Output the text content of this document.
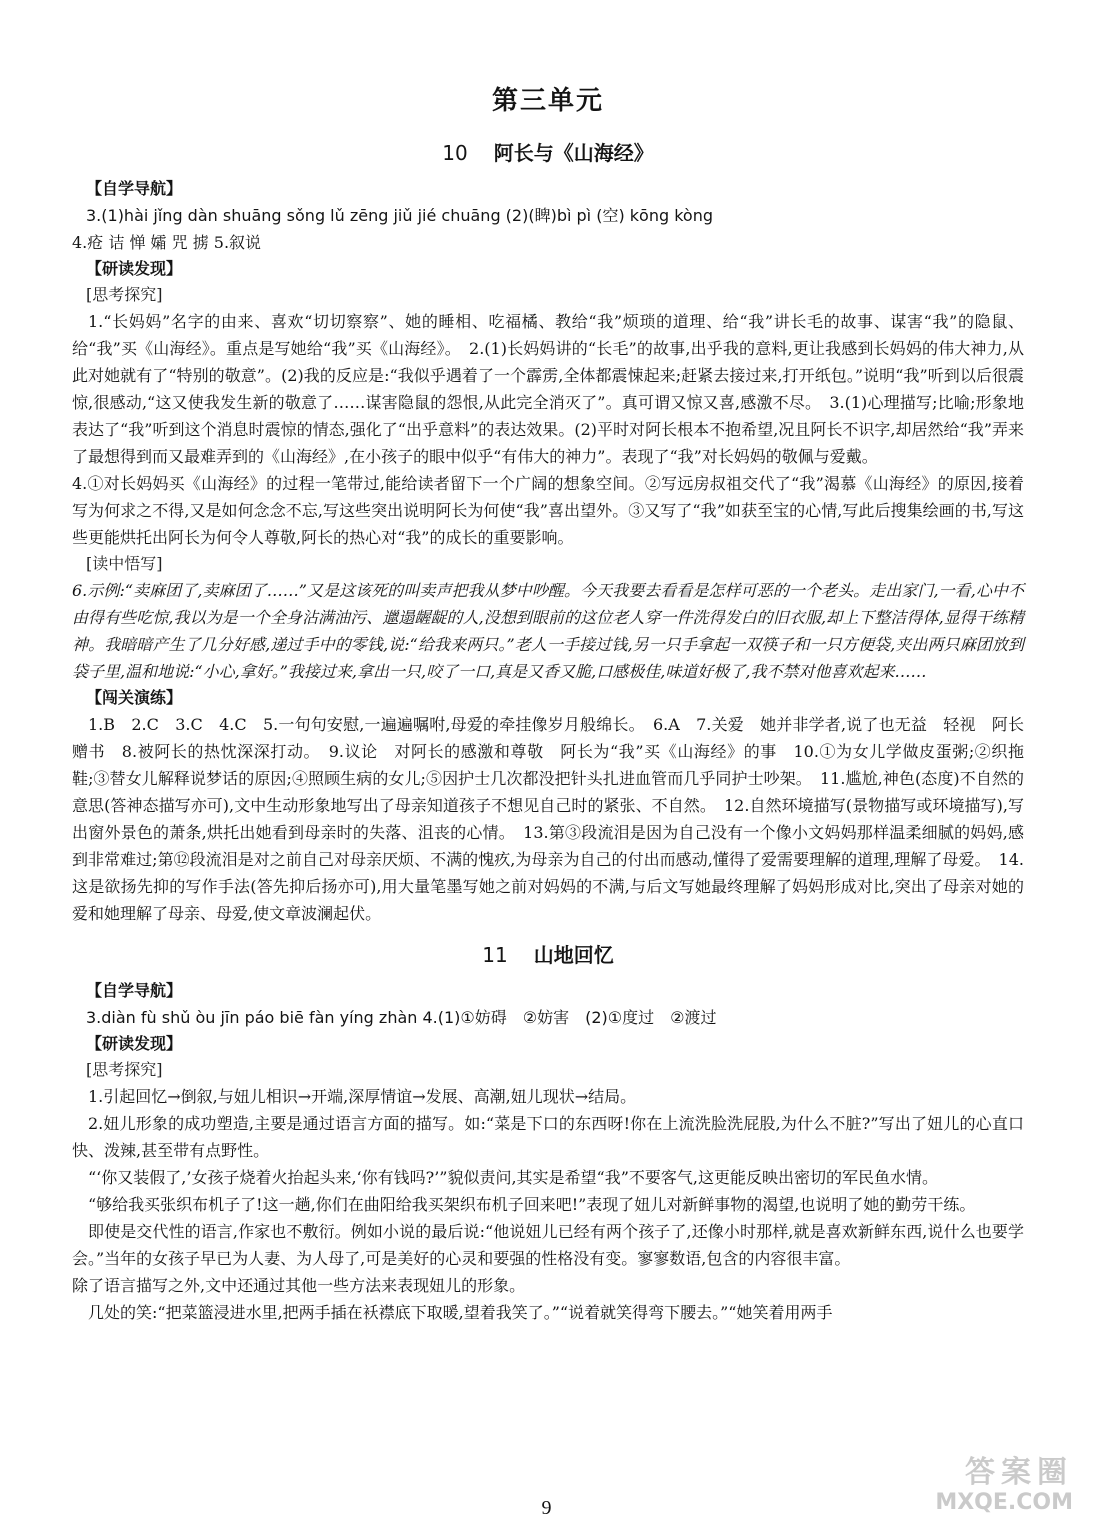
第三单元
10 阿长与《山海经》
【自学导航】

3.(1)hài jǐng dàn shuāng sǒng lǔ zēng jiǔ jié chuāng (2)(睥)bì pì (空) kōng kòng

4.疮 诘 惮 孀 咒 掳 5.叙说

【研读发现】
[思考探究]

1.“长妈妈”名字的由来、喜欢“切切察察”、她的睡相、吃福橘、教给“我”烦琐的道理、给“我”讲长毛的故事、谋害“我”的隐鼠、给“我”买《山海经》。重点是写她给“我”买《山海经》。　2.(1)长妈妈讲的“长毛”的故事,出乎我的意料,更让我感到长妈妈的伟大神力,从此对她就有了“特别的敬意”。(2)我的反应是:“我似乎遇着了一个霹雳,全体都震悚起来;赶紧去接过来,打开纸包。”说明“我”听到以后很震惊,很感动,“这又使我发生新的敬意了……谋害隐鼠的怨恨,从此完全消灭了”。真可谓又惊又喜,感激不尽。　3.(1)心理描写;比喻;形象地表达了“我”听到这个消息时震惊的情态,强化了“出乎意料”的表达效果。(2)平时对阿长根本不抱希望,况且阿长不识字,却居然给“我”弄来了最想得到而又最难弄到的《山海经》,在小孩子的眼中似乎“有伟大的神力”。表现了“我”对长妈妈的敬佩与爱戴。

4.①对长妈妈买《山海经》的过程一笔带过,能给读者留下一个广阔的想象空间。②写远房叔祖交代了“我”渴慕《山海经》的原因,接着写为何求之不得,又是如何念念不忘,写这些突出说明阿长为何使“我”喜出望外。③又写了“我”如获至宝的心情,写此后搜集绘画的书,写这些更能烘托出阿长为何令人尊敬,阿长的热心对“我”的成长的重要影响。

[读中悟写]

6.示例:“卖麻团了,卖麻团了……”又是这该死的叫卖声把我从梦中吵醒。今天我要去看看是怎样可恶的一个老头。走出家门,一看,心中不由得有些吃惊,我以为是一个全身沾满油污、邋遢龌龊的人,没想到眼前的这位老人穿一件洗得发白的旧衣服,却上下整洁得体,显得干练精神。我暗暗产生了几分好感,递过手中的零钱,说:“给我来两只。”老人一手接过钱,另一只手拿起一双筷子和一只方便袋,夹出两只麻团放到袋子里,温和地说:“小心,拿好。”我接过来,拿出一只,咬了一口,真是又香又脆,口感极佳,味道好极了,我不禁对他喜欢起来……

【闯关演练】

1.B　2.C　3.C　4.C　5.一句句安慰,一遍遍嘱咐,母爱的牵挂像岁月般绵长。　6.A　7.关爱　她并非学者,说了也无益　轻视　阿长赠书　8.被阿长的热忱深深打动。　9.议论　对阿长的感激和尊敬　阿长为“我”买《山海经》的事　10.①为女儿学做皮蛋粥;②织拖鞋;③替女儿解释说梦话的原因;④照顾生病的女儿;⑤因护士几次都没把针头扎进血管而几乎同护士吵架。　11.尴尬,神色(态度)不自然的意思(答神态描写亦可),文中生动形象地写出了母亲知道孩子不想见自己时的紧张、不自然。　12.自然环境描写(景物描写或环境描写),写出窗外景色的萧条,烘托出她看到母亲时的失落、沮丧的心情。　13.第③段流泪是因为自己没有一个像小文妈妈那样温柔细腻的妈妈,感到非常难过;第⑫段流泪是对之前自己对母亲厌烦、不满的愧疚,为母亲为自己的付出而感动,懂得了爱需要理解的道理,理解了母爱。　14.这是欲扬先抑的写作手法(答先抑后扬亦可),用大量笔墨写她之前对妈妈的不满,与后文写她最终理解了妈妈形成对比,突出了母亲对她的爱和她理解了母亲、母爱,使文章波澜起伏。

11 山地回忆
【自学导航】

3.diàn fù shǔ òu jīn páo biē fàn yíng zhàn 4.(1)①妨碍　②妨害　(2)①度过　②渡过

【研读发现】
[思考探究]

1.引起回忆→倒叙,与妞儿相识→开端,深厚情谊→发展、高潮,妞儿现状→结局。

2.妞儿形象的成功塑造,主要是通过语言方面的描写。如:“菜是下口的东西呀!你在上流洗脸洗屁股,为什么不脏?”写出了妞儿的心直口快、泼辣,甚至带有点野性。

“‘你又装假了,’女孩子烧着火抬起头来,‘你有钱吗?’”貌似责问,其实是希望“我”不要客气,这更能反映出密切的军民鱼水情。

“够给我买张织布机子了!这一趟,你们在曲阳给我买架织布机子回来吧!”表现了妞儿对新鲜事物的渴望,也说明了她的勤劳干练。

即使是交代性的语言,作家也不敷衍。例如小说的最后说:“他说妞儿已经有两个孩子了,还像小时那样,就是喜欢新鲜东西,说什么也要学会。”当年的女孩子早已为人妻、为人母了,可是美好的心灵和要强的性格没有变。寥寥数语,包含的内容很丰富。

除了语言描写之外,文中还通过其他一些方法来表现妞儿的形象。

几处的笑:“把菜篮浸进水里,把两手插在袄襟底下取暖,望着我笑了。”“说着就笑得弯下腰去。”“她笑着用两手

9
答案圈
MXQE.COM
